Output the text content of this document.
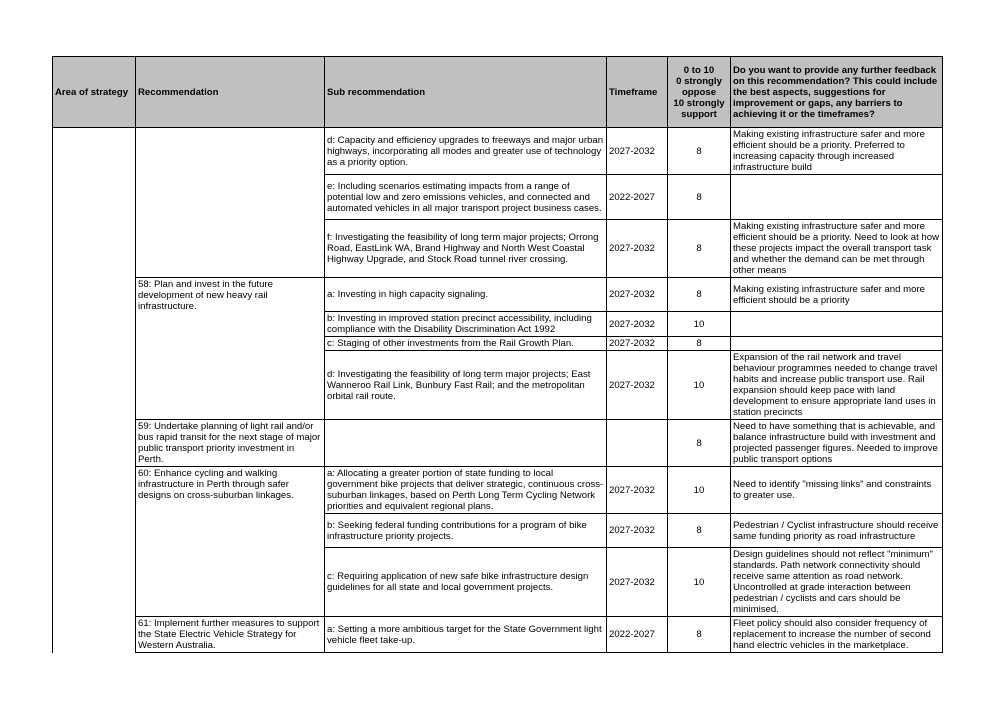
Area of strategy	Recommendation	Sub recommendation	Timeframe	0 to 10
0 strongly oppose
10 strongly support	Do you want to provide any further feedback on this recommendation? This could include the best aspects, suggestions for improvement or gaps, any barriers to achieving it or the timeframes?
		d: Capacity and efficiency upgrades to freeways and major urban highways, incorporating all modes and greater use of technology as a priority option.	2027-2032	8	Making existing infrastructure safer and more efficient should be a priority. Preferred to increasing capacity through increased infrastructure build
		e: Including scenarios estimating impacts from a range of potential low and zero emissions vehicles, and connected and automated vehicles in all major transport project business cases.	2022-2027	8	
		f: Investigating the feasibility of long term major projects; Orrong Road, EastLink WA, Brand Highway and North West Coastal Highway Upgrade, and Stock Road tunnel river crossing.	2027-2032	8	Making existing infrastructure safer and more efficient should be a priority. Need to look at how these projects impact the overall transport task and whether the demand can be met through other means
	58: Plan and invest in the future development of new heavy rail infrastructure.	a: Investing in high capacity signaling.	2027-2032	8	Making existing infrastructure safer and more efficient should be a priority
		b: Investing in improved station precinct accessibility, including compliance with the Disability Discrimination Act 1992	2027-2032	10	
		c: Staging of other investments from the Rail Growth Plan.	2027-2032	8	
		d: Investigating the feasibility of long term major projects; East Wanneroo Rail Link, Bunbury Fast Rail; and the metropolitan orbital rail route.	2027-2032	10	Expansion of the rail network and travel behaviour programmes needed to change travel habits and increase public transport use. Rail expansion should keep pace with land development to ensure appropriate land uses in station precincts
	59: Undertake planning of light rail and/or bus rapid transit for the next stage of major public transport priority investment in Perth.			8	Need to have something that is achievable, and balance infrastructure build with investment and projected passenger figures. Needed to improve public transport options
	60: Enhance cycling and walking infrastructure in Perth through safer designs on cross-suburban linkages.	a: Allocating a greater portion of state funding to local government bike projects that deliver strategic, continuous cross-suburban linkages, based on Perth Long Term Cycling Network priorities and equivalent regional plans.	2027-2032	10	Need to identify "missing links" and constraints to greater use.
		b: Seeking federal funding contributions for a program of bike infrastructure priority projects.	2027-2032	8	Pedestrian / Cyclist infrastructure should receive same funding priority as road infrastructure
		c: Requiring application of new safe bike infrastructure design guidelines for all state and local government projects.	2027-2032	10	Design guidelines should not reflect "minimum" standards. Path network connectivity should receive same attention as road network. Uncontrolled at grade interaction between pedestrian / cyclists and cars should be minimised.
	61: Implement further measures to support the State Electric Vehicle Strategy for Western Australia.	a: Setting a more ambitious target for the State Government light vehicle fleet take-up.	2022-2027	8	Fleet policy should also consider frequency of replacement to increase the number of second hand electric vehicles in the marketplace.
